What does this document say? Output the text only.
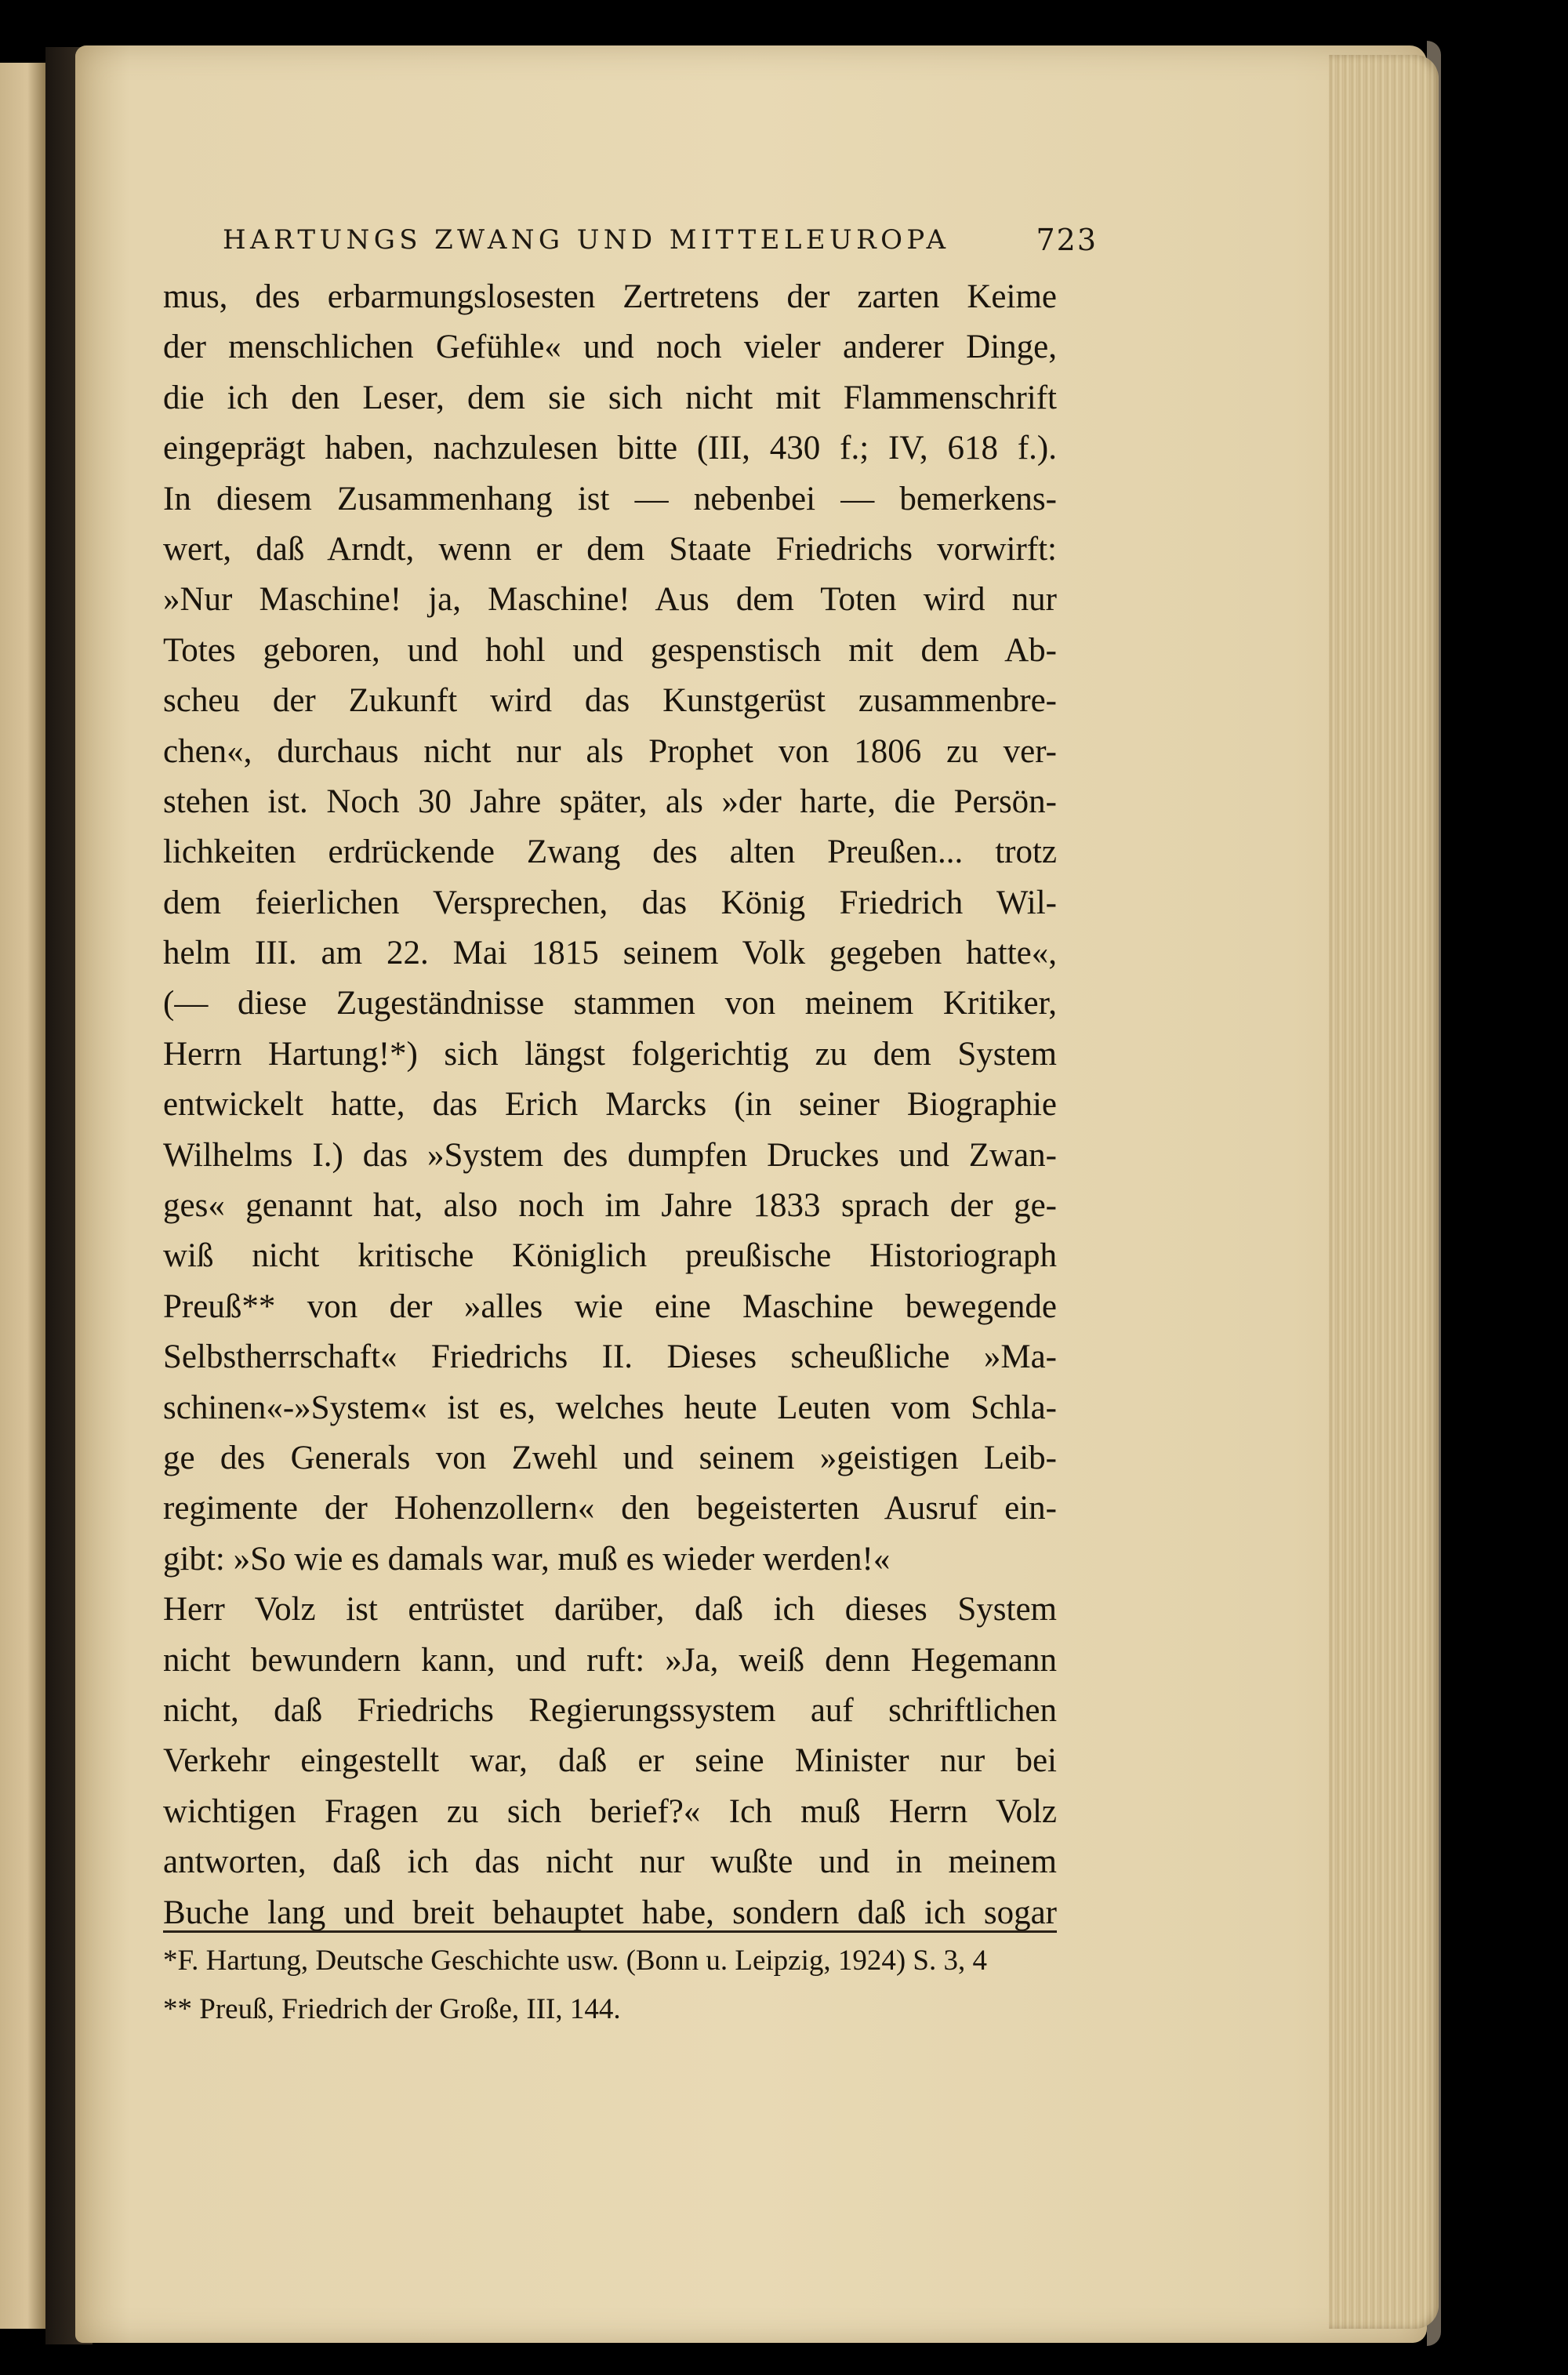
HARTUNGS ZWANG UND MITTELEUROPA	723
mus, des erbarmungslosesten Zertretens der zarten Keime
der menschlichen Gefühle« und noch vieler anderer Dinge,
die ich den Leser, dem sie sich nicht mit Flammenschrift
eingeprägt haben, nachzulesen bitte (III, 430 f.; IV, 618 f.).
In diesem Zusammenhang ist — nebenbei — bemerkens-
wert, daß Arndt, wenn er dem Staate Friedrichs vorwirft:
»Nur Maschine! ja, Maschine! Aus dem Toten wird nur
Totes geboren, und hohl und gespenstisch mit dem Ab-
scheu der Zukunft wird das Kunstgerüst zusammenbre-
chen«, durchaus nicht nur als Prophet von 1806 zu ver-
stehen ist. Noch 30 Jahre später, als »der harte, die Persön-
lichkeiten erdrückende Zwang des alten Preußen... trotz
dem feierlichen Versprechen, das König Friedrich Wil-
helm III. am 22. Mai 1815 seinem Volk gegeben hatte«,
(— diese Zugeständnisse stammen von meinem Kritiker,
Herrn Hartung!*) sich längst folgerichtig zu dem System
entwickelt hatte, das Erich Marcks (in seiner Biographie
Wilhelms I.) das »System des dumpfen Druckes und Zwan-
ges« genannt hat, also noch im Jahre 1833 sprach der ge-
wiß nicht kritische Königlich preußische Historiograph
Preuß** von der »alles wie eine Maschine bewegende
Selbstherrschaft« Friedrichs II. Dieses scheußliche »Ma-
schinen«-»System« ist es, welches heute Leuten vom Schla-
ge des Generals von Zwehl und seinem »geistigen Leib-
regimente der Hohenzollern« den begeisterten Ausruf ein-
gibt: »So wie es damals war, muß es wieder werden!«
Herr Volz ist entrüstet darüber, daß ich dieses System
nicht bewundern kann, und ruft: »Ja, weiß denn Hegemann
nicht, daß Friedrichs Regierungssystem auf schriftlichen
Verkehr eingestellt war, daß er seine Minister nur bei
wichtigen Fragen zu sich berief?« Ich muß Herrn Volz
antworten, daß ich das nicht nur wußte und in meinem
Buche lang und breit behauptet habe, sondern daß ich sogar
*F. Hartung, Deutsche Geschichte usw. (Bonn u. Leipzig, 1924) S. 3, 4
** Preuß, Friedrich der Große, III, 144.
